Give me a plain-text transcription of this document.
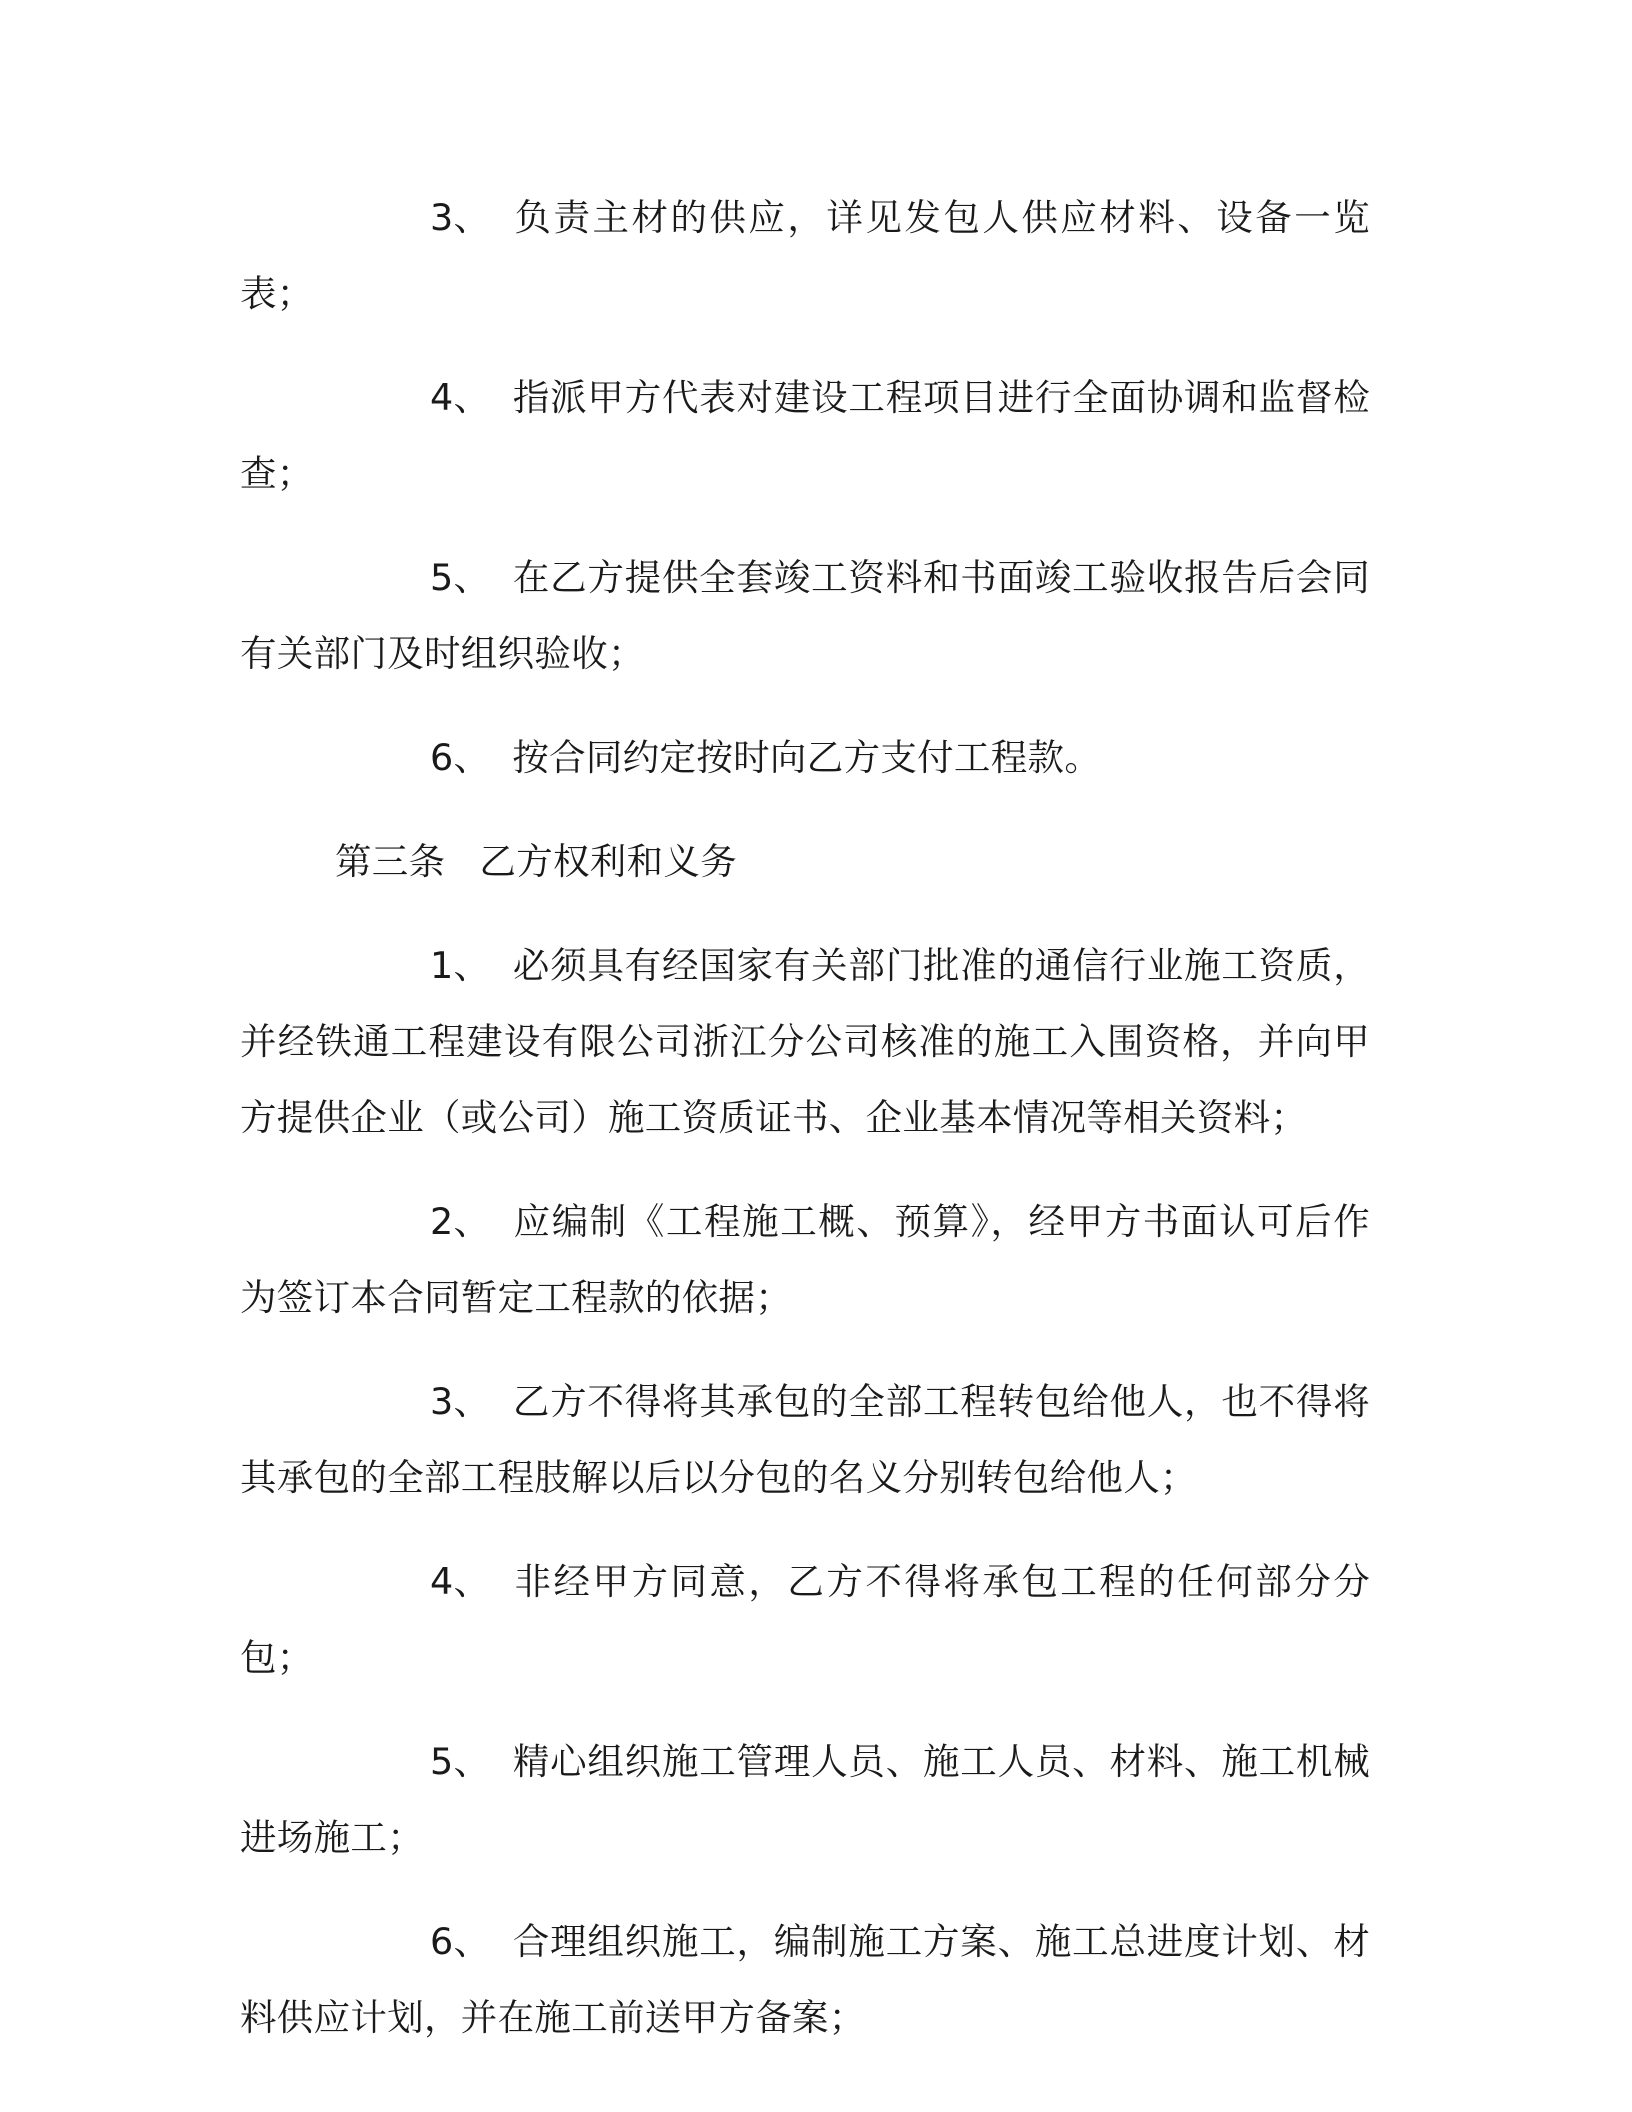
3、 负责主材的供应，详见发包人供应材料、设备一览表；

4、 指派甲方代表对建设工程项目进行全面协调和监督检查；

5、 在乙方提供全套竣工资料和书面竣工验收报告后会同有关部门及时组织验收；

6、 按合同约定按时向乙方支付工程款。

第三条 乙方权利和义务

1、 必须具有经国家有关部门批准的通信行业施工资质，并经铁通工程建设有限公司浙江分公司核准的施工入围资格，并向甲方提供企业（或公司）施工资质证书、企业基本情况等相关资料；

2、 应编制《工程施工概、预算》，经甲方书面认可后作为签订本合同暂定工程款的依据；

3、 乙方不得将其承包的全部工程转包给他人，也不得将其承包的全部工程肢解以后以分包的名义分别转包给他人；

4、 非经甲方同意，乙方不得将承包工程的任何部分分包；

5、 精心组织施工管理人员、施工人员、材料、施工机械进场施工；

6、 合理组织施工，编制施工方案、施工总进度计划、材料供应计划，并在施工前送甲方备案；
